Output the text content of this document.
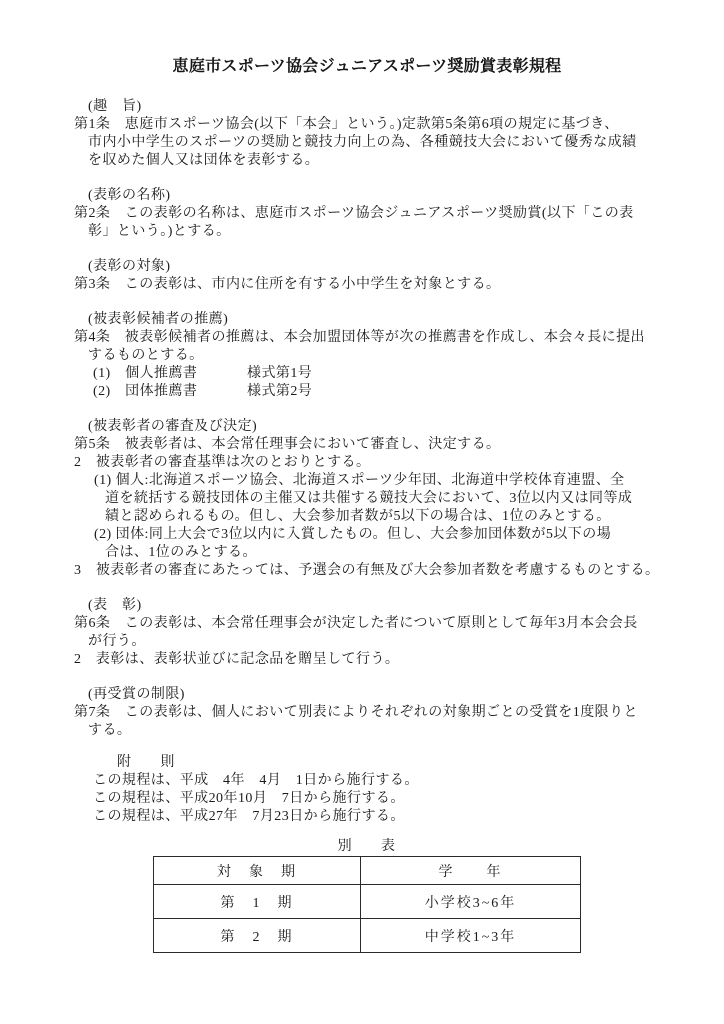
恵庭市スポーツ協会ジュニアスポーツ奨励賞表彰規程
(趣　旨)
第1条　恵庭市スポーツ協会(以下「本会」という。)定款第5条第6項の規定に基づき、
市内小中学生のスポーツの奨励と競技力向上の為、各種競技大会において優秀な成績
を収めた個人又は団体を表彰する。
(表彰の名称)
第2条　この表彰の名称は、恵庭市スポーツ協会ジュニアスポーツ奨励賞(以下「この表
彰」という。)とする。
(表彰の対象)
第3条　この表彰は、市内に住所を有する小中学生を対象とする。
(被表彰候補者の推薦)
第4条　被表彰候補者の推薦は、本会加盟団体等が次の推薦書を作成し、本会々長に提出
するものとする。
(1)　個人推薦書	様式第1号
(2)　団体推薦書	様式第2号
(被表彰者の審査及び決定)
第5条　被表彰者は、本会常任理事会において審査し、決定する。
2　被表彰者の審査基準は次のとおりとする。
(1) 個人:北海道スポーツ協会、北海道スポーツ少年団、北海道中学校体育連盟、全
道を統括する競技団体の主催又は共催する競技大会において、3位以内又は同等成
績と認められるもの。但し、大会参加者数が5以下の場合は、1位のみとする。
(2) 団体:同上大会で3位以内に入賞したもの。但し、大会参加団体数が5以下の場
合は、1位のみとする。
3　被表彰者の審査にあたっては、予選会の有無及び大会参加者数を考慮するものとする。
(表　彰)
第6条　この表彰は、本会常任理事会が決定した者について原則として毎年3月本会会長
が行う。
2　表彰は、表彰状並びに記念品を贈呈して行う。
(再受賞の制限)
第7条　この表彰は、個人において別表によりそれぞれの対象期ごとの受賞を1度限りと
する。
附　　則
この規程は、平成　4年　4月　1日から施行する。
この規程は、平成20年10月　7日から施行する。
この規程は、平成27年　7月23日から施行する。
別　　表
対　象　期	学　　年
第　1　期	小学校3~6年
第　2　期	中学校1~3年
